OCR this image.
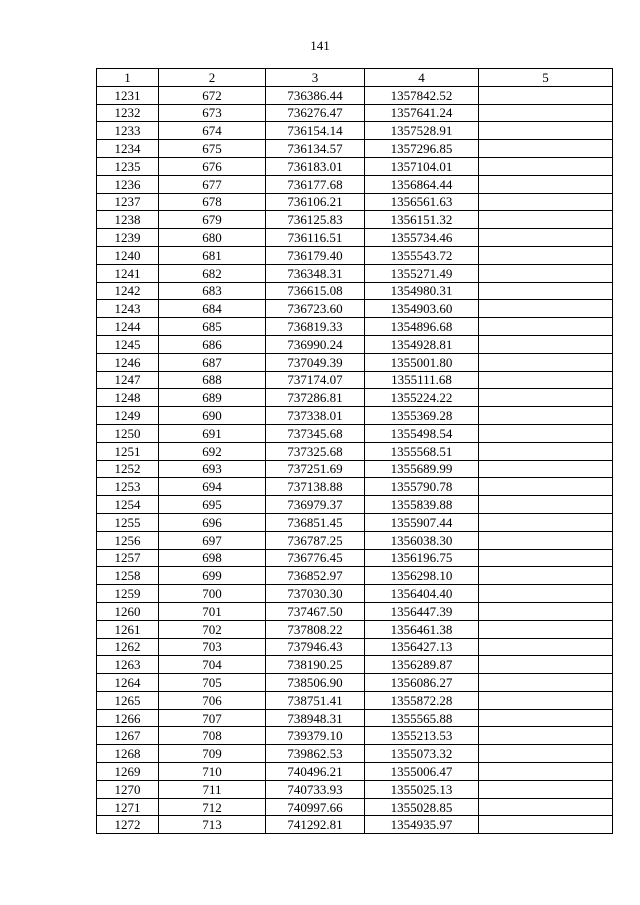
141
1	2	3	4	5
1231	672	736386.44	1357842.52	
1232	673	736276.47	1357641.24	
1233	674	736154.14	1357528.91	
1234	675	736134.57	1357296.85	
1235	676	736183.01	1357104.01	
1236	677	736177.68	1356864.44	
1237	678	736106.21	1356561.63	
1238	679	736125.83	1356151.32	
1239	680	736116.51	1355734.46	
1240	681	736179.40	1355543.72	
1241	682	736348.31	1355271.49	
1242	683	736615.08	1354980.31	
1243	684	736723.60	1354903.60	
1244	685	736819.33	1354896.68	
1245	686	736990.24	1354928.81	
1246	687	737049.39	1355001.80	
1247	688	737174.07	1355111.68	
1248	689	737286.81	1355224.22	
1249	690	737338.01	1355369.28	
1250	691	737345.68	1355498.54	
1251	692	737325.68	1355568.51	
1252	693	737251.69	1355689.99	
1253	694	737138.88	1355790.78	
1254	695	736979.37	1355839.88	
1255	696	736851.45	1355907.44	
1256	697	736787.25	1356038.30	
1257	698	736776.45	1356196.75	
1258	699	736852.97	1356298.10	
1259	700	737030.30	1356404.40	
1260	701	737467.50	1356447.39	
1261	702	737808.22	1356461.38	
1262	703	737946.43	1356427.13	
1263	704	738190.25	1356289.87	
1264	705	738506.90	1356086.27	
1265	706	738751.41	1355872.28	
1266	707	738948.31	1355565.88	
1267	708	739379.10	1355213.53	
1268	709	739862.53	1355073.32	
1269	710	740496.21	1355006.47	
1270	711	740733.93	1355025.13	
1271	712	740997.66	1355028.85	
1272	713	741292.81	1354935.97	
